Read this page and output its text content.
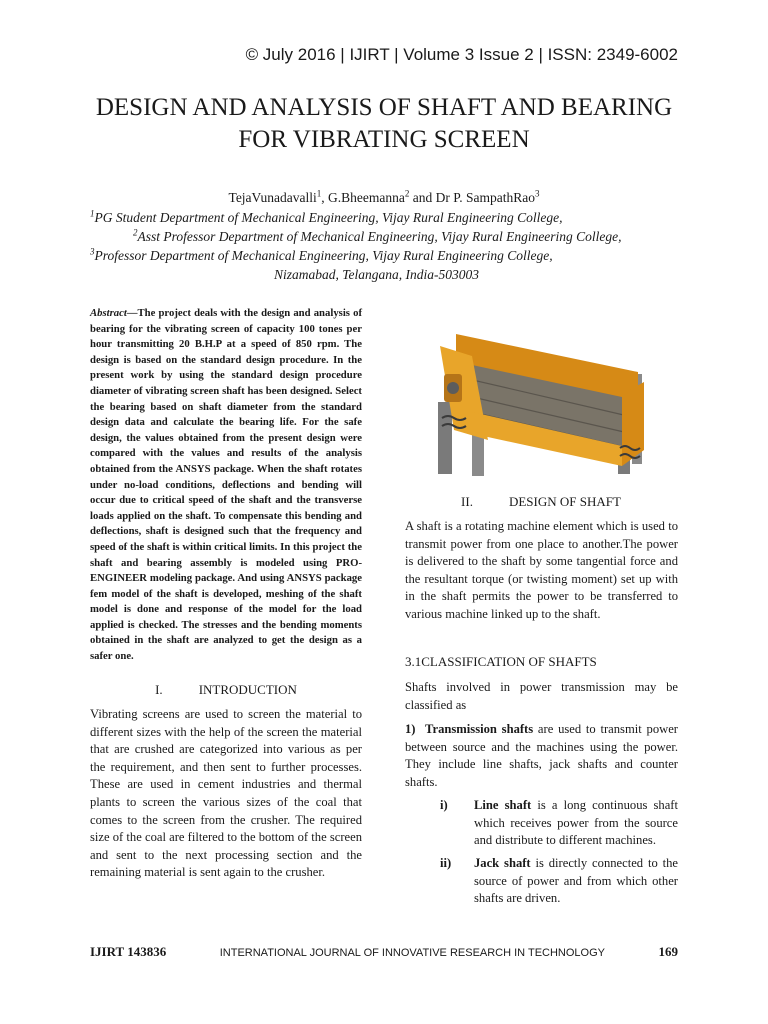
© July 2016 | IJIRT | Volume 3 Issue 2 | ISSN: 2349-6002
DESIGN AND ANALYSIS OF SHAFT AND BEARING
FOR VIBRATING SCREEN
TejaVunadavalli$^1$, G.Bheemanna$^2$ and Dr P. SampathRao$^3$
$^1$PG Student Department of Mechanical Engineering, Vijay Rural Engineering College,
$^2$Asst Professor Department of Mechanical Engineering, Vijay Rural Engineering College,
$^3$Professor Department of Mechanical Engineering, Vijay Rural Engineering College,
Nizamabad, Telangana, India-503003
Abstract—The project deals with the design and analysis of bearing for the vibrating screen of capacity 100 tones per hour transmitting 20 B.H.P at a speed of 850 rpm. The design is based on the standard design procedure. In the present work by using the standard design procedure diameter of vibrating screen shaft has been designed. Select the bearing based on shaft diameter from the standard design data and calculate the bearing life. For the safe design, the values obtained from the present design were compared with the values and results of the analysis obtained from the ANSYS package. When the shaft rotates under no-load conditions, deflections and bending will occur due to critical speed of the shaft and the transverse loads applied on the shaft. To compensate this bending and deflections, shaft is designed such that the frequency and speed of the shaft is within critical limits. In this project the shaft and bearing assembly is modeled using PRO-ENGINEER modeling package. And using ANSYS package fem model of the shaft is developed, meshing of the shaft model is done and response of the model for the load applied is checked. The stresses and the bending moments obtained in the shaft are analyzed to get the design as a safer one.
I.	INTRODUCTION
Vibrating screens are used to screen the material to different sizes with the help of the screen the material that are crushed are categorized into various as per the requirement, and then sent to further processes. These are used in cement industries and thermal plants to screen the various sizes of the coal that comes to the screen from the crusher. The required size of the coal are filtered to the bottom of the screen and sent to the next processing section and the remaining material is sent again to the crusher.
II.	DESIGN OF SHAFT
A shaft is a rotating machine element which is used to transmit power from one place to another.The power is delivered to the shaft by some tangential force and the resultant torque (or twisting moment) set up with in the shaft permits the power to be transferred to various machine linked up to the shaft.
3.1CLASSIFICATION OF SHAFTS
Shafts involved in power transmission may be classified as
1) Transmission shafts are used to transmit power between source and the machines using the power. They include line shafts, jack shafts and counter shafts.
i)	Line shaft is a long continuous shaft which receives power from the source and distribute to different machines.
ii)	Jack shaft is directly connected to the source of power and from which other shafts are driven.
IJIRT 143836	INTERNATIONAL JOURNAL OF INNOVATIVE RESEARCH IN TECHNOLOGY	169
